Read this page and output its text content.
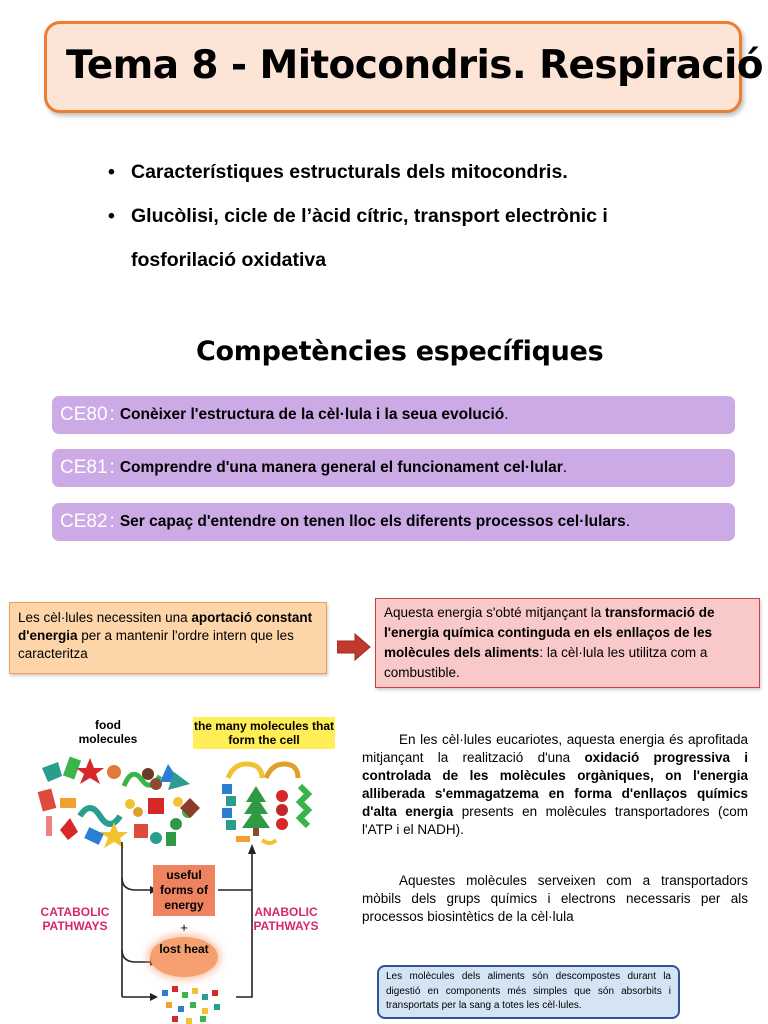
Tema 8 - Mitocondris. Respiració
• Característiques estructurals dels mitocondris.
• Glucòlisi, cicle de l’àcid cítric, transport electrònic i fosforilació oxidativa
Competències específiques
CE80 : Conèixer l'estructura de la cèl·lula i la seua evolució .
CE81 : Comprendre d'una manera general el funcionament cel·lular .
CE82 : Ser capaç d'entendre on tenen lloc els diferents processos cel·lulars .
Les cèl·lules necessiten una aportació constant d'energia per a mantenir l'ordre intern que les caracteritza
Aquesta energia s'obté mitjançant la transformació de l'energia química continguda en els enllaços de les molècules dels aliments: la cèl·lula les utilitza com a combustible.
food molecules
the many molecules that form the cell
CATABOLIC PATHWAYS
ANABOLIC PATHWAYS
useful forms of energy
+
lost heat
En les cèl·lules eucariotes, aquesta energia és aprofitada mitjançant la realització d'una oxidació progressiva i controlada de les molècules orgàniques, on l'energia alliberada s'emmagatzema en forma d'enllaços químics d'alta energia presents en molècules transportadores (com l'ATP i el NADH).
Aquestes molècules serveixen com a transportadors mòbils dels grups químics i electrons necessaris per als processos biosintètics de la cèl·lula
Les molècules dels aliments són descompostes durant la digestió en components més simples que són absorbits i transportats per la sang a totes les cèl·lules.
